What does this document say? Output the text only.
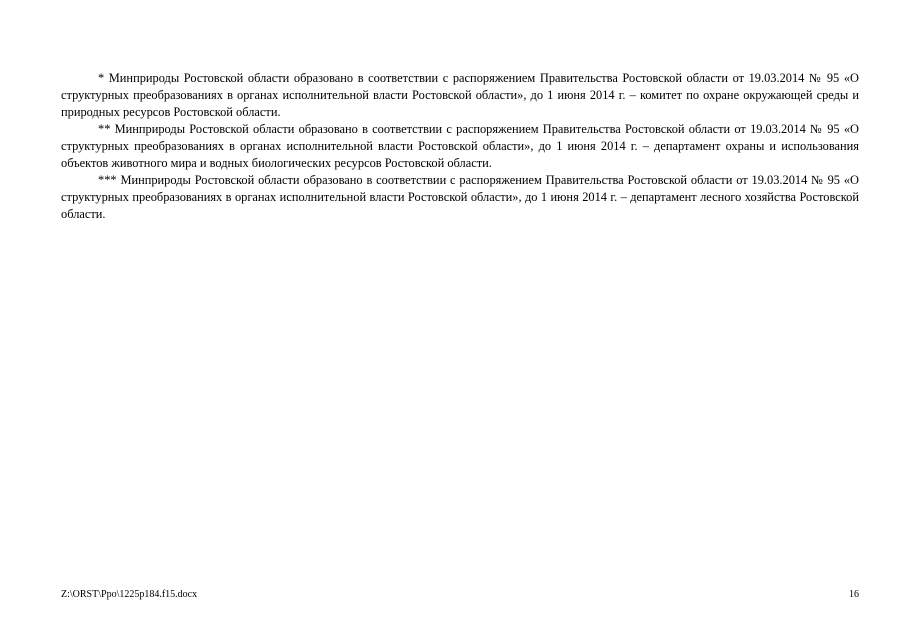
* Минприроды Ростовской области образовано в соответствии с распоряжением Правительства Ростовской области от 19.03.2014 № 95 «О структурных преобразованиях в органах исполнительной власти Ростовской области», до 1 июня 2014 г. – комитет по охране окружающей среды и природных ресурсов Ростовской области.

** Минприроды Ростовской области образовано в соответствии с распоряжением Правительства Ростовской области от 19.03.2014 № 95 «О структурных преобразованиях в органах исполнительной власти Ростовской области», до 1 июня 2014 г. – департамент охраны и использования объектов животного мира и водных биологических ресурсов Ростовской области.

*** Минприроды Ростовской области образовано в соответствии с распоряжением Правительства Ростовской области от 19.03.2014 № 95 «О структурных преобразованиях в органах исполнительной власти Ростовской области», до 1 июня 2014 г. – департамент лесного хозяйства Ростовской области.

Z:\ORST\Ppo\1225p184.f15.docx	16
